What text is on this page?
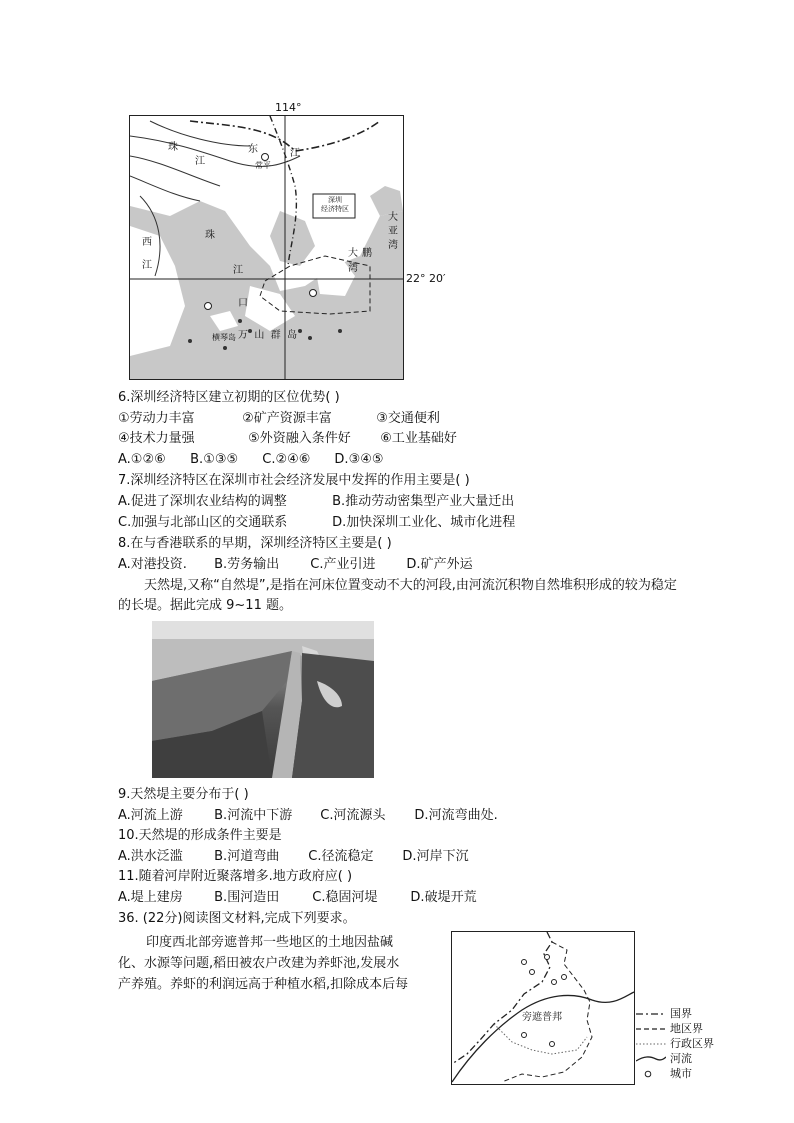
114°
珠
江
东	江
常平
深圳
经济特区
西
江
珠
江
口
大亚湾
大鹏湾
横琴岛 万  山  群  岛
22° 20′
6.深圳经济特区建立初期的区位优势( )
①劳动力丰富	②矿产资源丰富	③交通便利
④技术力量强	⑤外资融入条件好 ⑥工业基础好
A.①②⑥ B.①③⑤ C.②④⑥ D.③④⑤
7.深圳经济特区在深圳市社会经济发展中发挥的作用主要是( )
A.促进了深圳农业结构的调整	B.推动劳动密集型产业大量迁出
C.加强与北部山区的交通联系	D.加快深圳工业化、城市化进程
8.在与香港联系的早期，深圳经济特区主要是( )
A.对港投资. B.劳务输出 C.产业引进 D.矿产外运
天然堤,又称“自然堤”,是指在河床位置变动不大的河段,由河流沉积物自然堆积形成的较为稳定的长堤。据此完成 9~11 题。
9.天然堤主要分布于( )
A.河流上游 B.河流中下游 C.河流源头 D.河流弯曲处.
10.天然堤的形成条件主要是
A.洪水泛滥 B.河道弯曲 C.径流稳定 D.河岸下沉
11.随着河岸附近聚落增多.地方政府应( )
A.堤上建房 B.围河造田	C.稳固河堤	D.破堤开荒
36. (22分)阅读图文材料,完成下列要求。
印度西北部旁遮普邦一些地区的土地因盐碱
化、水源等问题,稻田被农户改建为养虾池,发展水
产养殖。养虾的利润远高于种植水稻,扣除成本后每
旁遮普邦	国界
地区界
行政区界
河流
城市
